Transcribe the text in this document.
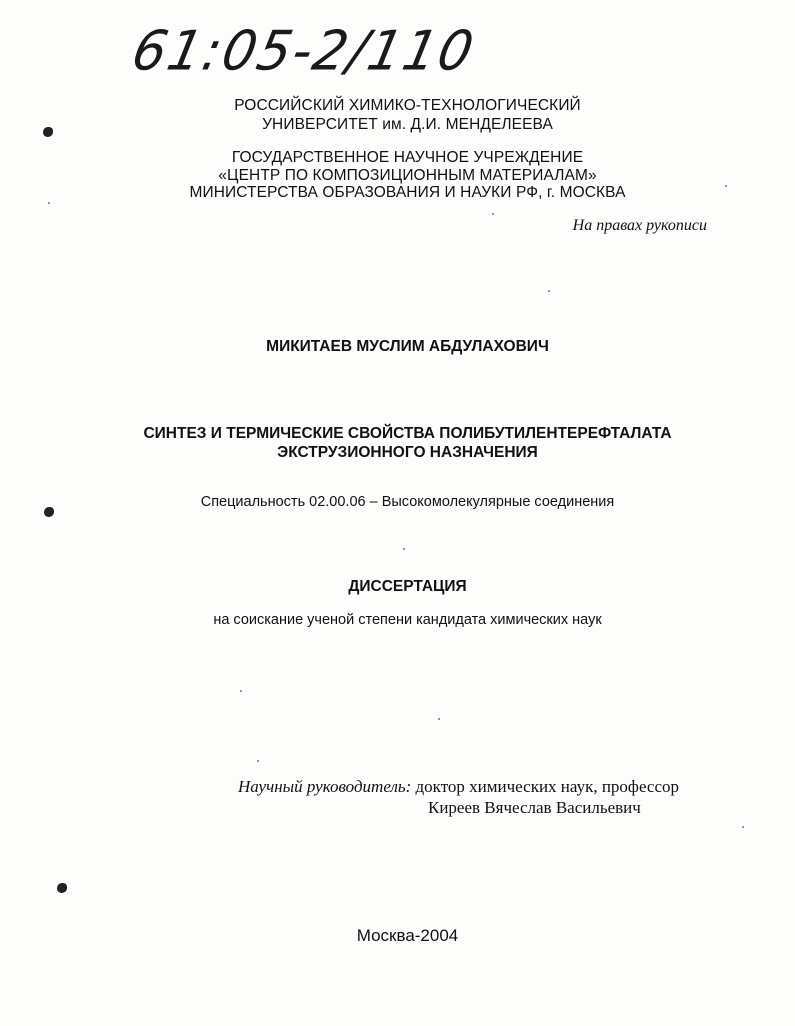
61:05-2/110
РОССИЙСКИЙ ХИМИКО-ТЕХНОЛОГИЧЕСКИЙ
УНИВЕРСИТЕТ им. Д.И. МЕНДЕЛЕЕВА
ГОСУДАРСТВЕННОЕ НАУЧНОЕ УЧРЕЖДЕНИЕ
«ЦЕНТР ПО КОМПОЗИЦИОННЫМ МАТЕРИАЛАМ»
МИНИСТЕРСТВА ОБРАЗОВАНИЯ И НАУКИ РФ, г. МОСКВА
На правах рукописи
МИКИТАЕВ МУСЛИМ АБДУЛАХОВИЧ
СИНТЕЗ И ТЕРМИЧЕСКИЕ СВОЙСТВА ПОЛИБУТИЛЕНТЕРЕФТАЛАТА
ЭКСТРУЗИОННОГО НАЗНАЧЕНИЯ
Специальность 02.00.06 – Высокомолекулярные соединения
ДИССЕРТАЦИЯ
на соискание ученой степени кандидата химических наук
Научный руководитель: доктор химических наук, профессор
Киреев Вячеслав Васильевич
Москва-2004
